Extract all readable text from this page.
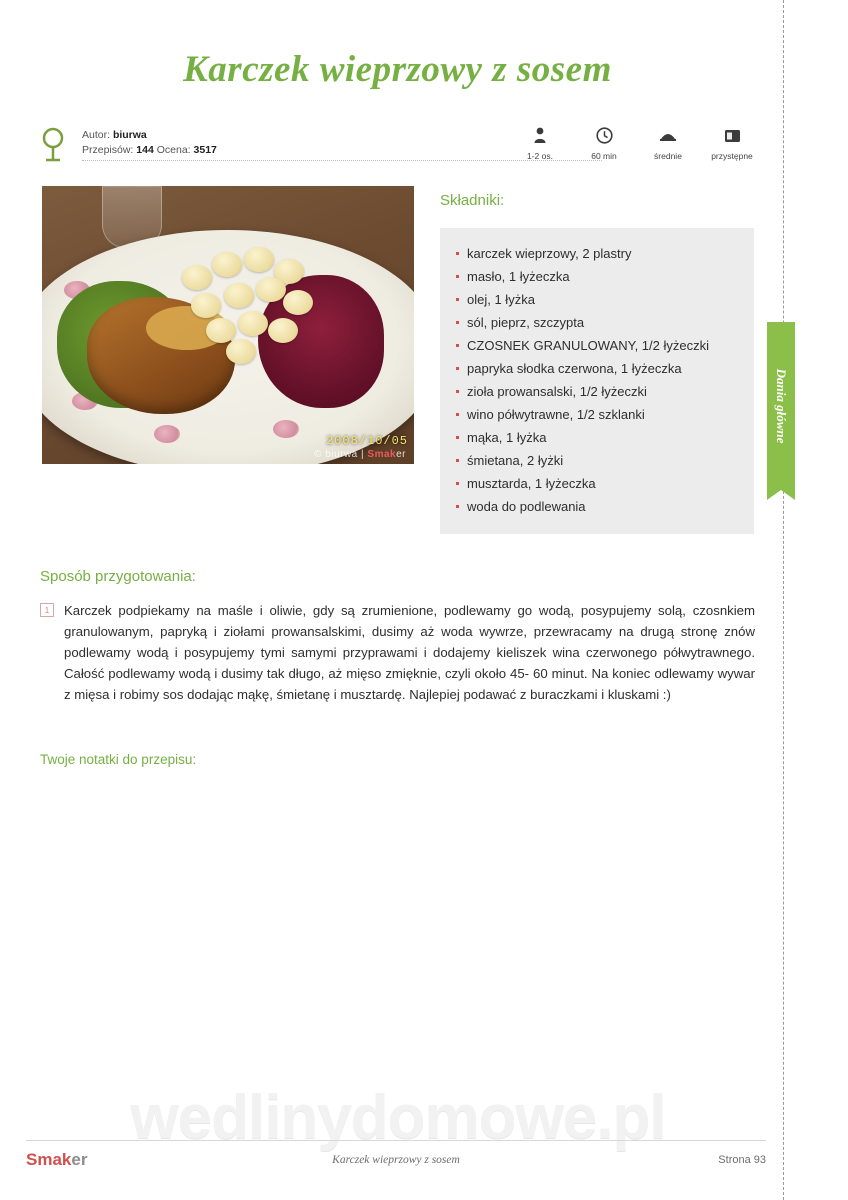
Karczek wieprzowy z sosem
Autor: biurwa
Przepisów: 144 Ocena: 3517	1-2 os.	60 min	średnie	przystępne
2008/10/05
© biurwa | Smaker
Składniki:
karczek wieprzowy, 2 plastry
masło, 1 łyżeczka
olej, 1 łyżka
sól, pieprz, szczypta
CZOSNEK GRANULOWANY, 1/2 łyżeczki
papryka słodka czerwona, 1 łyżeczka
zioła prowansalski, 1/2 łyżeczki
wino półwytrawne, 1/2 szklanki
mąka, 1 łyżka
śmietana, 2 łyżki
musztarda, 1 łyżeczka
woda do podlewania
Dania główne
Sposób przygotowania:
1	Karczek podpiekamy na maśle i oliwie, gdy są zrumienione, podlewamy go wodą, posypujemy solą, czosnkiem granulowanym, papryką i ziołami prowansalskimi, dusimy aż woda wywrze, przewracamy na drugą stronę znów podlewamy wodą i posypujemy tymi samymi przyprawami i dodajemy kieliszek wina czerwonego półwytrawnego. Całość podlewamy wodą i dusimy tak długo, aż mięso zmięknie, czyli około 45- 60 minut. Na koniec odlewamy wywar z mięsa i robimy sos dodając mąkę, śmietanę i musztardę. Najlepiej podawać z buraczkami i kluskami :)
Twoje notatki do przepisu:
wedlinydomowe.pl
Smaker	Karczek wieprzowy z sosem	Strona 93
